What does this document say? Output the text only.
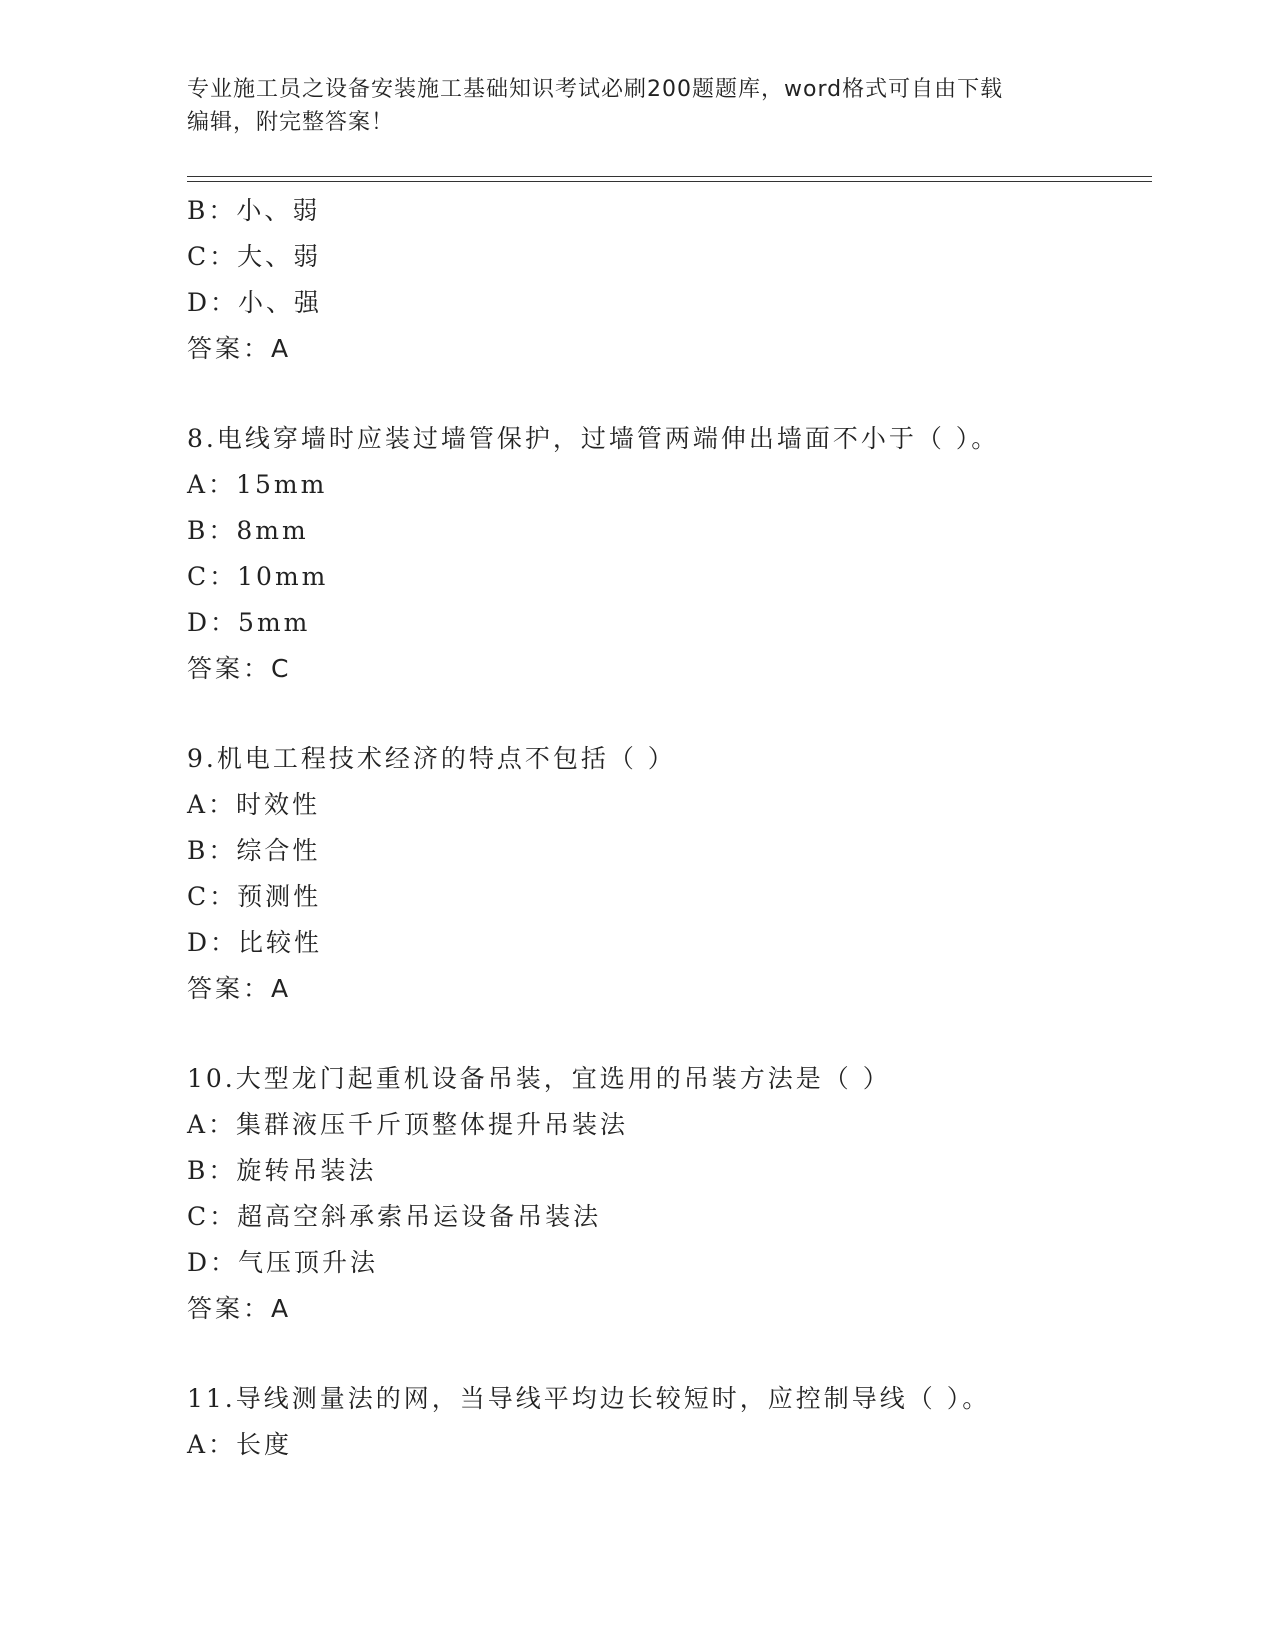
专业施工员之设备安装施工基础知识考试必刷200题题库，word格式可自由下载
编辑，附完整答案！
B：小、弱
C：大、弱
D：小、强
答案：A
8.电线穿墙时应装过墙管保护，过墙管两端伸出墙面不小于（ ）。
A：15mm
B：8mm
C：10mm
D：5mm
答案：C
9.机电工程技术经济的特点不包括（ ）
A：时效性
B：综合性
C：预测性
D：比较性
答案：A
10.大型龙门起重机设备吊装，宜选用的吊装方法是（ ）
A：集群液压千斤顶整体提升吊装法
B：旋转吊装法
C：超高空斜承索吊运设备吊装法
D：气压顶升法
答案：A
11.导线测量法的网，当导线平均边长较短时，应控制导线（ ）。
A：长度
